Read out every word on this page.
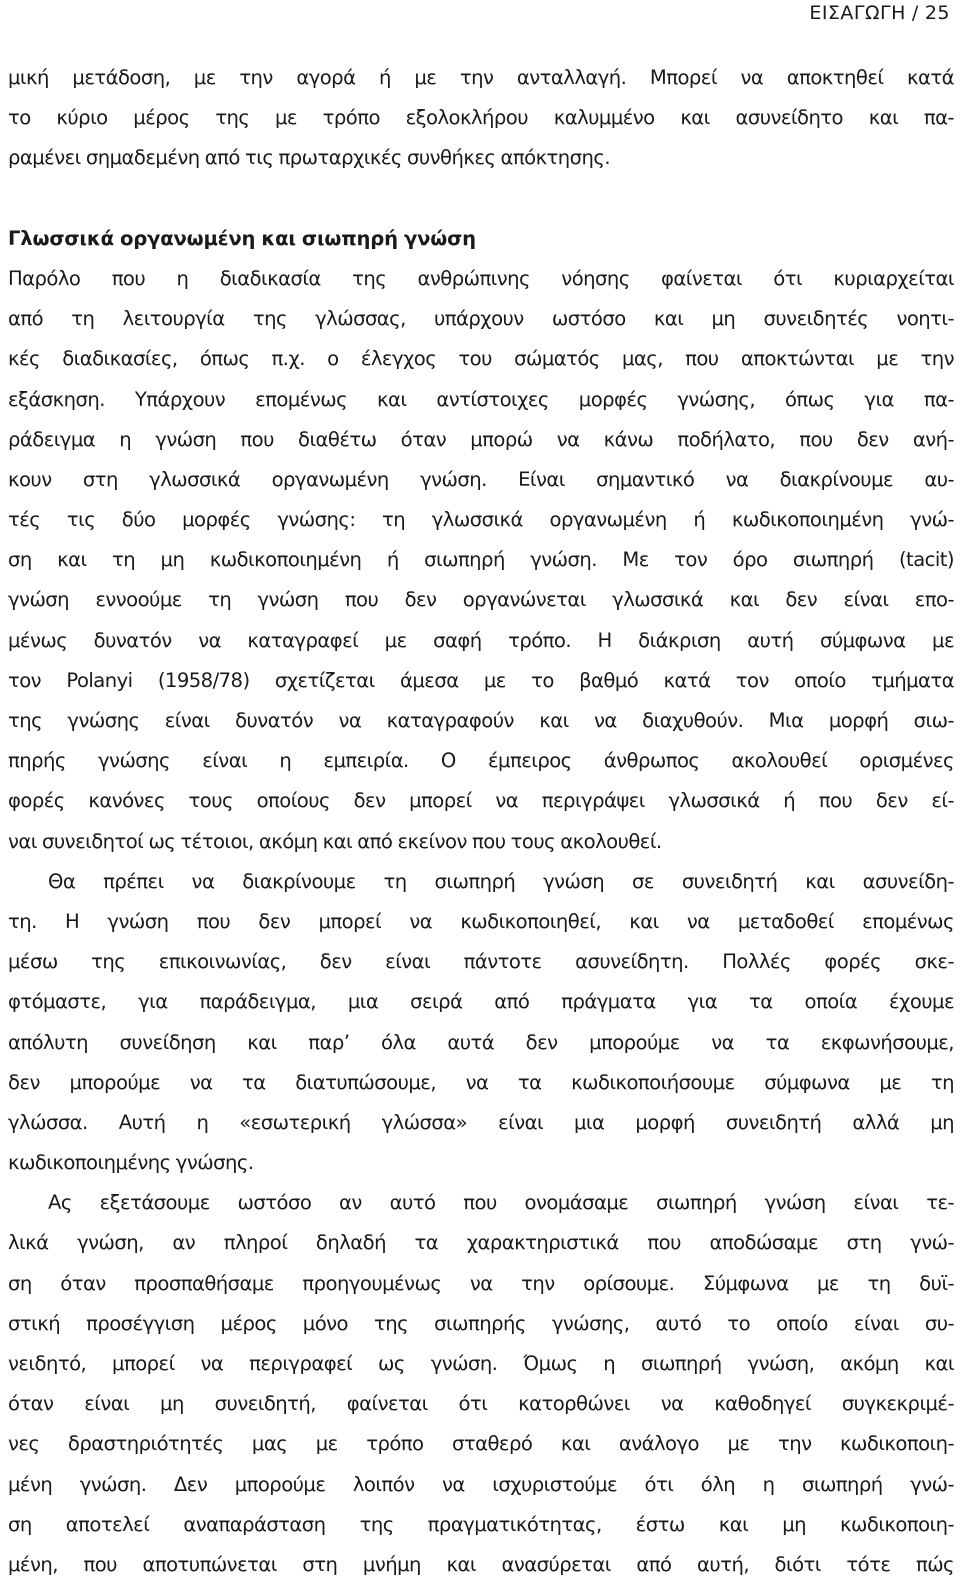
ΕΙΣΑΓΩΓΗ / 25
μική μετάδοση, με την αγορά ή με την ανταλλαγή. Μπορεί να αποκτηθεί κατά
το κύριο μέρος της με τρόπο εξολοκλήρου καλυμμένο και ασυνείδητο και πα-
ραμένει σημαδεμένη από τις πρωταρχικές συνθήκες απόκτησης.
Γλωσσικά οργανωμένη και σιωπηρή γνώση
Παρόλο που η διαδικασία της ανθρώπινης νόησης φαίνεται ότι κυριαρχείται
από τη λειτουργία της γλώσσας, υπάρχουν ωστόσο και μη συνειδητές νοητι-
κές διαδικασίες, όπως π.χ. ο έλεγχος του σώματός μας, που αποκτώνται με την
εξάσκηση. Υπάρχουν επομένως και αντίστοιχες μορφές γνώσης, όπως για πα-
ράδειγμα η γνώση που διαθέτω όταν μπορώ να κάνω ποδήλατο, που δεν ανή-
κουν στη γλωσσικά οργανωμένη γνώση. Είναι σημαντικό να διακρίνουμε αυ-
τές τις δύο μορφές γνώσης: τη γλωσσικά οργανωμένη ή κωδικοποιημένη γνώ-
ση και τη μη κωδικοποιημένη ή σιωπηρή γνώση. Με τον όρο σιωπηρή (tacit)
γνώση εννοούμε τη γνώση που δεν οργανώνεται γλωσσικά και δεν είναι επο-
μένως δυνατόν να καταγραφεί με σαφή τρόπο. Η διάκριση αυτή σύμφωνα με
τον Polanyi (1958/78) σχετίζεται άμεσα με το βαθμό κατά τον οποίο τμήματα
της γνώσης είναι δυνατόν να καταγραφούν και να διαχυθούν. Μια μορφή σιω-
πηρής γνώσης είναι η εμπειρία. Ο έμπειρος άνθρωπος ακολουθεί ορισμένες
φορές κανόνες τους οποίους δεν μπορεί να περιγράψει γλωσσικά ή που δεν εί-
ναι συνειδητοί ως τέτοιοι, ακόμη και από εκείνον που τους ακολουθεί.
Θα πρέπει να διακρίνουμε τη σιωπηρή γνώση σε συνειδητή και ασυνείδη-
τη. Η γνώση που δεν μπορεί να κωδικοποιηθεί, και να μεταδοθεί επομένως
μέσω της επικοινωνίας, δεν είναι πάντοτε ασυνείδητη. Πολλές φορές σκε-
φτόμαστε, για παράδειγμα, μια σειρά από πράγματα για τα οποία έχουμε
απόλυτη συνείδηση και παρ’ όλα αυτά δεν μπορούμε να τα εκφωνήσουμε,
δεν μπορούμε να τα διατυπώσουμε, να τα κωδικοποιήσουμε σύμφωνα με τη
γλώσσα. Αυτή η «εσωτερική γλώσσα» είναι μια μορφή συνειδητή αλλά μη
κωδικοποιημένης γνώσης.
Ας εξετάσουμε ωστόσο αν αυτό που ονομάσαμε σιωπηρή γνώση είναι τε-
λικά γνώση, αν πληροί δηλαδή τα χαρακτηριστικά που αποδώσαμε στη γνώ-
ση όταν προσπαθήσαμε προηγουμένως να την ορίσουμε. Σύμφωνα με τη δυϊ-
στική προσέγγιση μέρος μόνο της σιωπηρής γνώσης, αυτό το οποίο είναι συ-
νειδητό, μπορεί να περιγραφεί ως γνώση. Όμως η σιωπηρή γνώση, ακόμη και
όταν είναι μη συνειδητή, φαίνεται ότι κατορθώνει να καθοδηγεί συγκεκριμέ-
νες δραστηριότητές μας με τρόπο σταθερό και ανάλογο με την κωδικοποιη-
μένη γνώση. Δεν μπορούμε λοιπόν να ισχυριστούμε ότι όλη η σιωπηρή γνώ-
ση αποτελεί αναπαράσταση της πραγματικότητας, έστω και μη κωδικοποιη-
μένη, που αποτυπώνεται στη μνήμη και ανασύρεται από αυτή, διότι τότε πώς
